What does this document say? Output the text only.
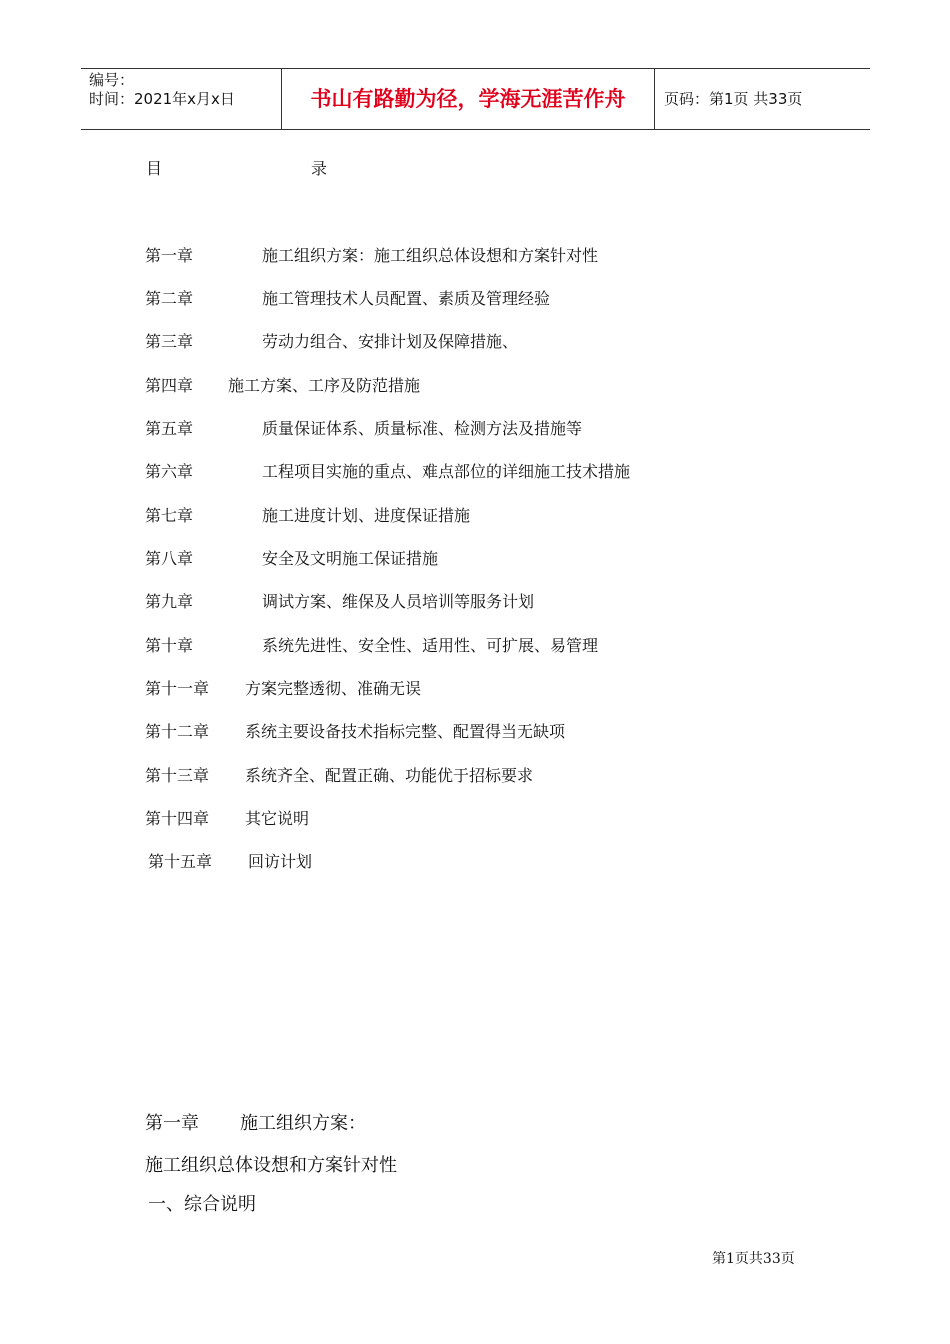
编号：
时间：2021年x月x日	书山有路勤为径，学海无涯苦作舟	页码：第1页 共33页
目	录
第一章	施工组织方案：施工组织总体设想和方案针对性
第二章	施工管理技术人员配置、素质及管理经验
第三章	劳动力组合、安排计划及保障措施、
第四章 施工方案、工序及防范措施
第五章	质量保证体系、质量标准、检测方法及措施等
第六章	工程项目实施的重点、难点部位的详细施工技术措施
第七章	施工进度计划、进度保证措施
第八章	安全及文明施工保证措施
第九章	调试方案、维保及人员培训等服务计划
第十章	系统先进性、安全性、适用性、可扩展、易管理
第十一章 方案完整透彻、准确无误
第十二章 系统主要设备技术指标完整、配置得当无缺项
第十三章 系统齐全、配置正确、功能优于招标要求
第十四章 其它说明
第十五章 回访计划
第一章 施工组织方案：
施工组织总体设想和方案针对性
一、综合说明
第1页共33页
